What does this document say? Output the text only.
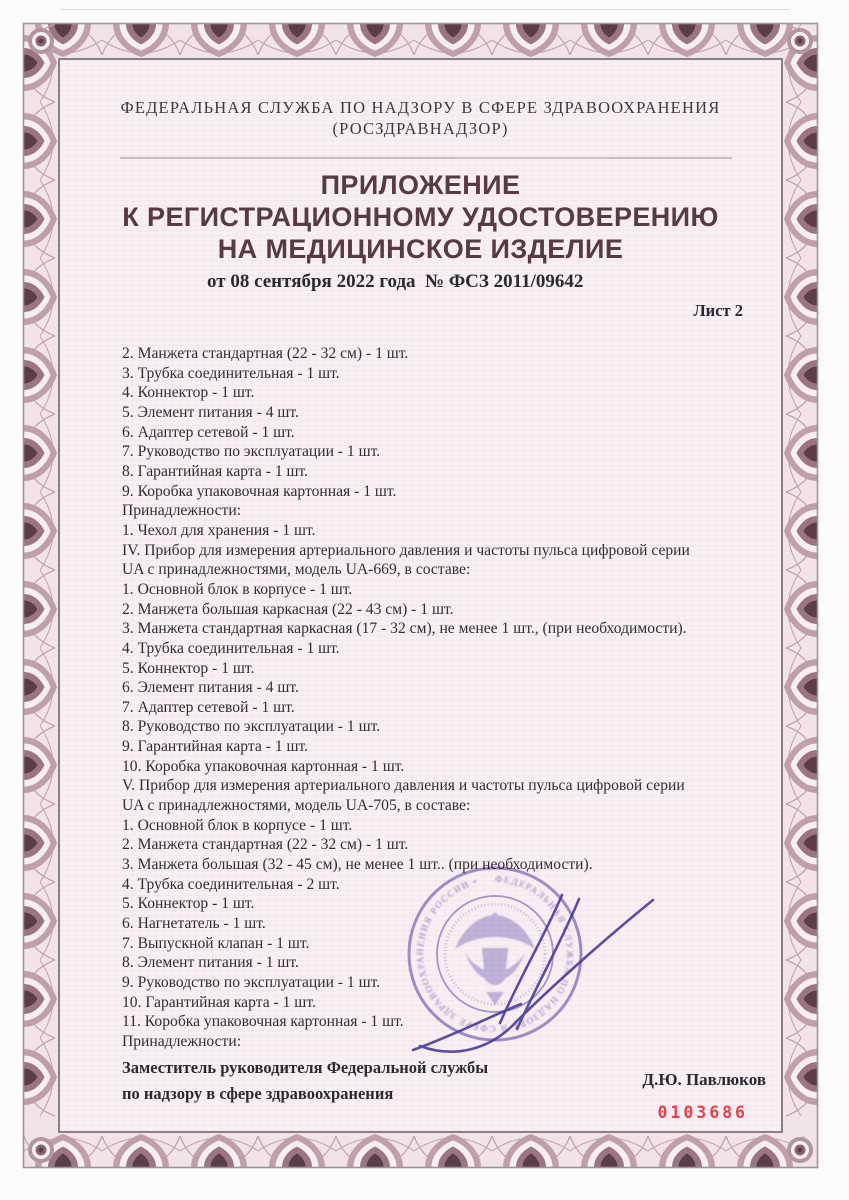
ФЕДЕРАЛЬНАЯ СЛУЖБА ПО НАДЗОРУ В СФЕРЕ ЗДРАВООХРАНЕНИЯ
(РОСЗДРАВНАДЗОР)
ПРИЛОЖЕНИЕ
К РЕГИСТРАЦИОННОМУ УДОСТОВЕРЕНИЮ
НА МЕДИЦИНСКОЕ ИЗДЕЛИЕ
от 08 сентября 2022 года № ФСЗ 2011/09642
Лист 2
2. Манжета стандартная (22 - 32 см) - 1 шт.
3. Трубка соединительная - 1 шт.
4. Коннектор - 1 шт.
5. Элемент питания - 4 шт.
6. Адаптер сетевой - 1 шт.
7. Руководство по эксплуатации - 1 шт.
8. Гарантийная карта - 1 шт.
9. Коробка упаковочная картонная - 1 шт.
Принадлежности:
1. Чехол для хранения - 1 шт.
IV. Прибор для измерения артериального давления и частоты пульса цифровой серии
UA с принадлежностями, модель UA-669, в составе:
1. Основной блок в корпусе - 1 шт.
2. Манжета большая каркасная (22 - 43 см) - 1 шт.
3. Манжета стандартная каркасная (17 - 32 см), не менее 1 шт., (при необходимости).
4. Трубка соединительная - 1 шт.
5. Коннектор - 1 шт.
6. Элемент питания - 4 шт.
7. Адаптер сетевой - 1 шт.
8. Руководство по эксплуатации - 1 шт.
9. Гарантийная карта - 1 шт.
10. Коробка упаковочная картонная - 1 шт.
V. Прибор для измерения артериального давления и частоты пульса цифровой серии
UA с принадлежностями, модель UA-705, в составе:
1. Основной блок в корпусе - 1 шт.
2. Манжета стандартная (22 - 32 см) - 1 шт.
3. Манжета большая (32 - 45 см), не менее 1 шт.. (при необходимости).
4. Трубка соединительная - 2 шт.
5. Коннектор - 1 шт.
6. Нагнетатель - 1 шт.
7. Выпускной клапан - 1 шт.
8. Элемент питания - 1 шт.
9. Руководство по эксплуатации - 1 шт.
10. Гарантийная карта - 1 шт.
11. Коробка упаковочная картонная - 1 шт.
Принадлежности:
Заместитель руководителя Федеральной службы
по надзору в сфере здравоохранения
Д.Ю. Павлюков
0103686
ФЕДЕРАЛЬНАЯ СЛУЖБА ПО НАДЗОРУ В СФЕРЕ ЗДРАВООХРАНЕНИЯ РОССИИ •
